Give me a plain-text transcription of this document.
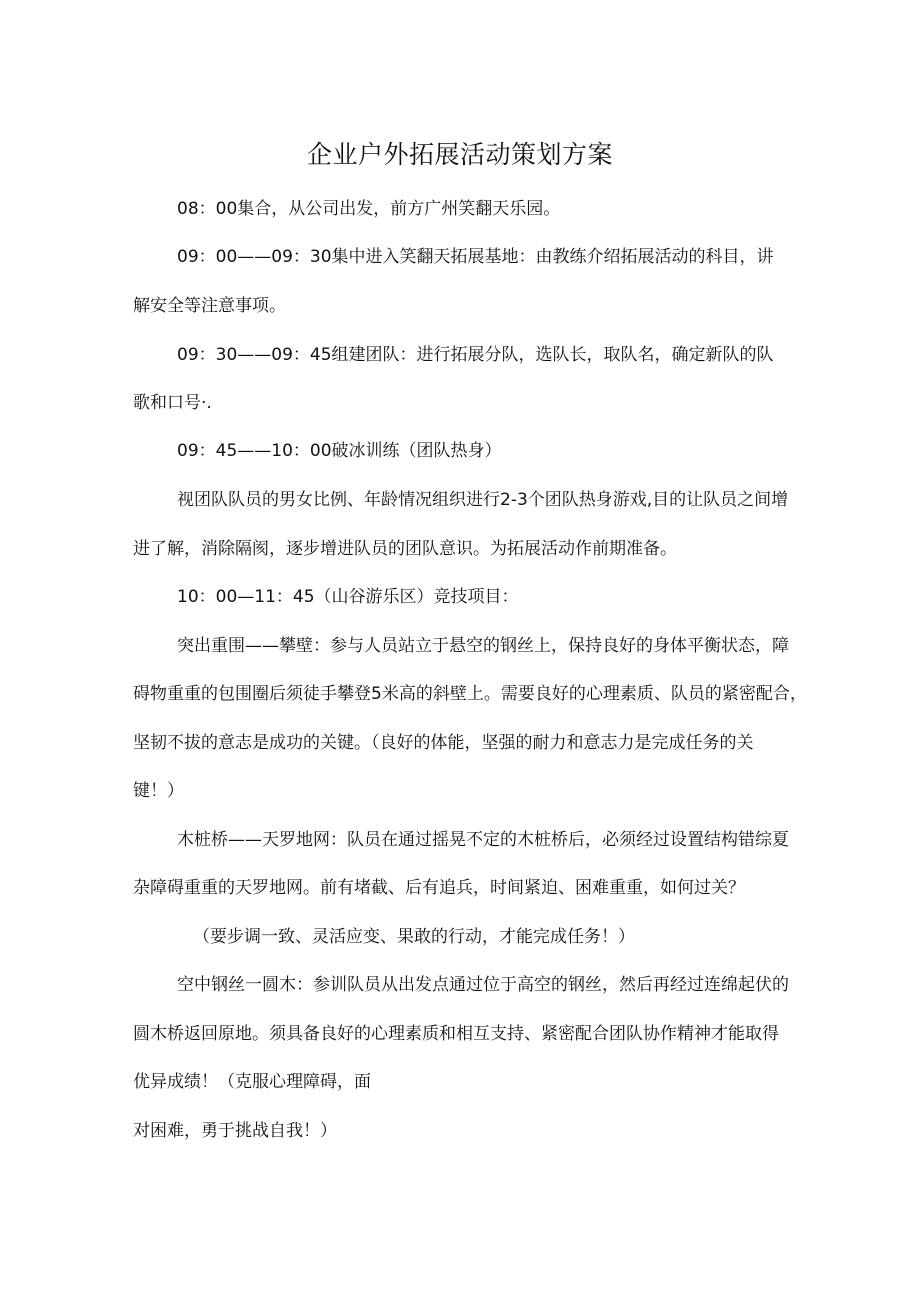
企业户外拓展活动策划方案

08：00集合，从公司出发，前方广州笑翻天乐园。

09：00——09：30集中进入笑翻天拓展基地：由教练介绍拓展活动的科目，讲

解安全等注意事项。

09：30——09：45组建团队：进行拓展分队，选队长，取队名，确定新队的队

歌和口号·.

09：45——10：00破冰训练（团队热身）

视团队队员的男女比例、年龄情况组织进行2-3个团队热身游戏,目的让队员之间增

进了解，消除隔阂，逐步增进队员的团队意识。为拓展活动作前期准备。

10：00—11：45（山谷游乐区）竞技项目：

突出重围——攀壁：参与人员站立于悬空的钢丝上，保持良好的身体平衡状态，障

碍物重重的包围圈后须徒手攀登5米高的斜壁上。需要良好的心理素质、队员的紧密配合，

坚韧不拔的意志是成功的关键。（良好的体能，坚强的耐力和意志力是完成任务的关

键！）

木桩桥——天罗地网：队员在通过摇晃不定的木桩桥后，必须经过设置结构错综夏

杂障碍重重的天罗地网。前有堵截、后有追兵，时间紧迫、困难重重，如何过关？

（要步调一致、灵活应变、果敢的行动，才能完成任务！）

空中钢丝一圆木：参训队员从出发点通过位于高空的钢丝，然后再经过连绵起伏的

圆木桥返回原地。须具备良好的心理素质和相互支持、紧密配合团队协作精神才能取得

优异成绩！（克服心理障碍，面

对困难，勇于挑战自我！）
